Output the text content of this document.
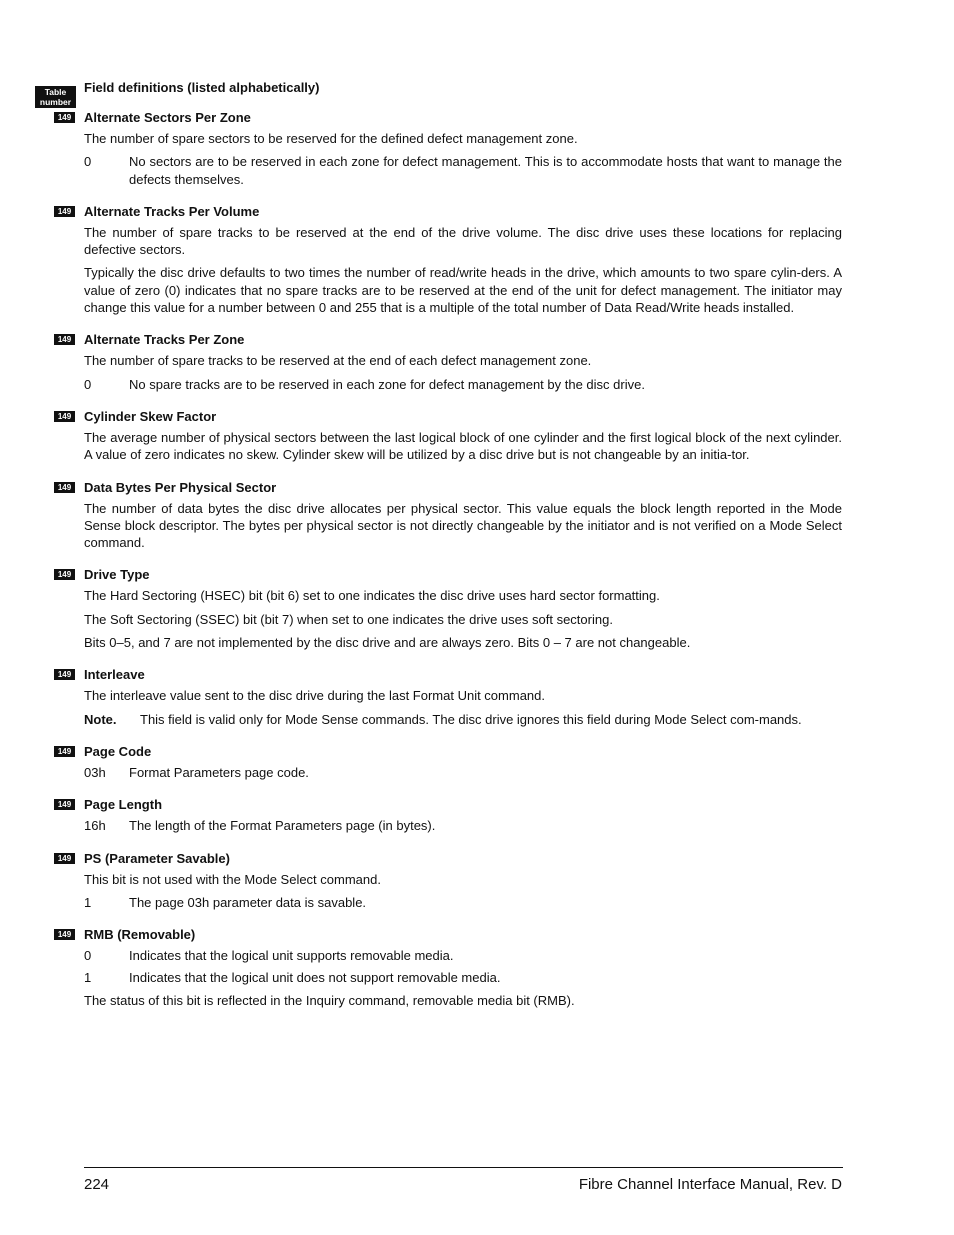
Table
number
Field definitions (listed alphabetically)
149 Alternate Sectors Per Zone

The number of spare sectors to be reserved for the defined defect management zone.

0	No sectors are to be reserved in each zone for defect management. This is to accommodate hosts that want to manage the defects themselves.
149 Alternate Tracks Per Volume

The number of spare tracks to be reserved at the end of the drive volume. The disc drive uses these locations for replacing defective sectors.

Typically the disc drive defaults to two times the number of read/write heads in the drive, which amounts to two spare cylin-ders. A value of zero (0) indicates that no spare tracks are to be reserved at the end of the unit for defect management. The initiator may change this value for a number between 0 and 255 that is a multiple of the total number of Data Read/Write heads installed.

149 Alternate Tracks Per Zone

The number of spare tracks to be reserved at the end of each defect management zone.

0	No spare tracks are to be reserved in each zone for defect management by the disc drive.
149 Cylinder Skew Factor

The average number of physical sectors between the last logical block of one cylinder and the first logical block of the next cylinder. A value of zero indicates no skew. Cylinder skew will be utilized by a disc drive but is not changeable by an initia-tor.

149 Data Bytes Per Physical Sector

The number of data bytes the disc drive allocates per physical sector. This value equals the block length reported in the Mode Sense block descriptor. The bytes per physical sector is not directly changeable by the initiator and is not verified on a Mode Select command.

149 Drive Type

The Hard Sectoring (HSEC) bit (bit 6) set to one indicates the disc drive uses hard sector formatting.

The Soft Sectoring (SSEC) bit (bit 7) when set to one indicates the drive uses soft sectoring.

Bits 0–5, and 7 are not implemented by the disc drive and are always zero. Bits 0 – 7 are not changeable.

149 Interleave

The interleave value sent to the disc drive during the last Format Unit command.

Note.	This field is valid only for Mode Sense commands. The disc drive ignores this field during Mode Select com-mands.
149 Page Code
03h	Format Parameters page code.
149 Page Length
16h	The length of the Format Parameters page (in bytes).
149 PS (Parameter Savable)

This bit is not used with the Mode Select command.

1	The page 03h parameter data is savable.
149 RMB (Removable)
0	Indicates that the logical unit supports removable media.
1	Indicates that the logical unit does not support removable media.

The status of this bit is reflected in the Inquiry command, removable media bit (RMB).

224	Fibre Channel Interface Manual, Rev. D
